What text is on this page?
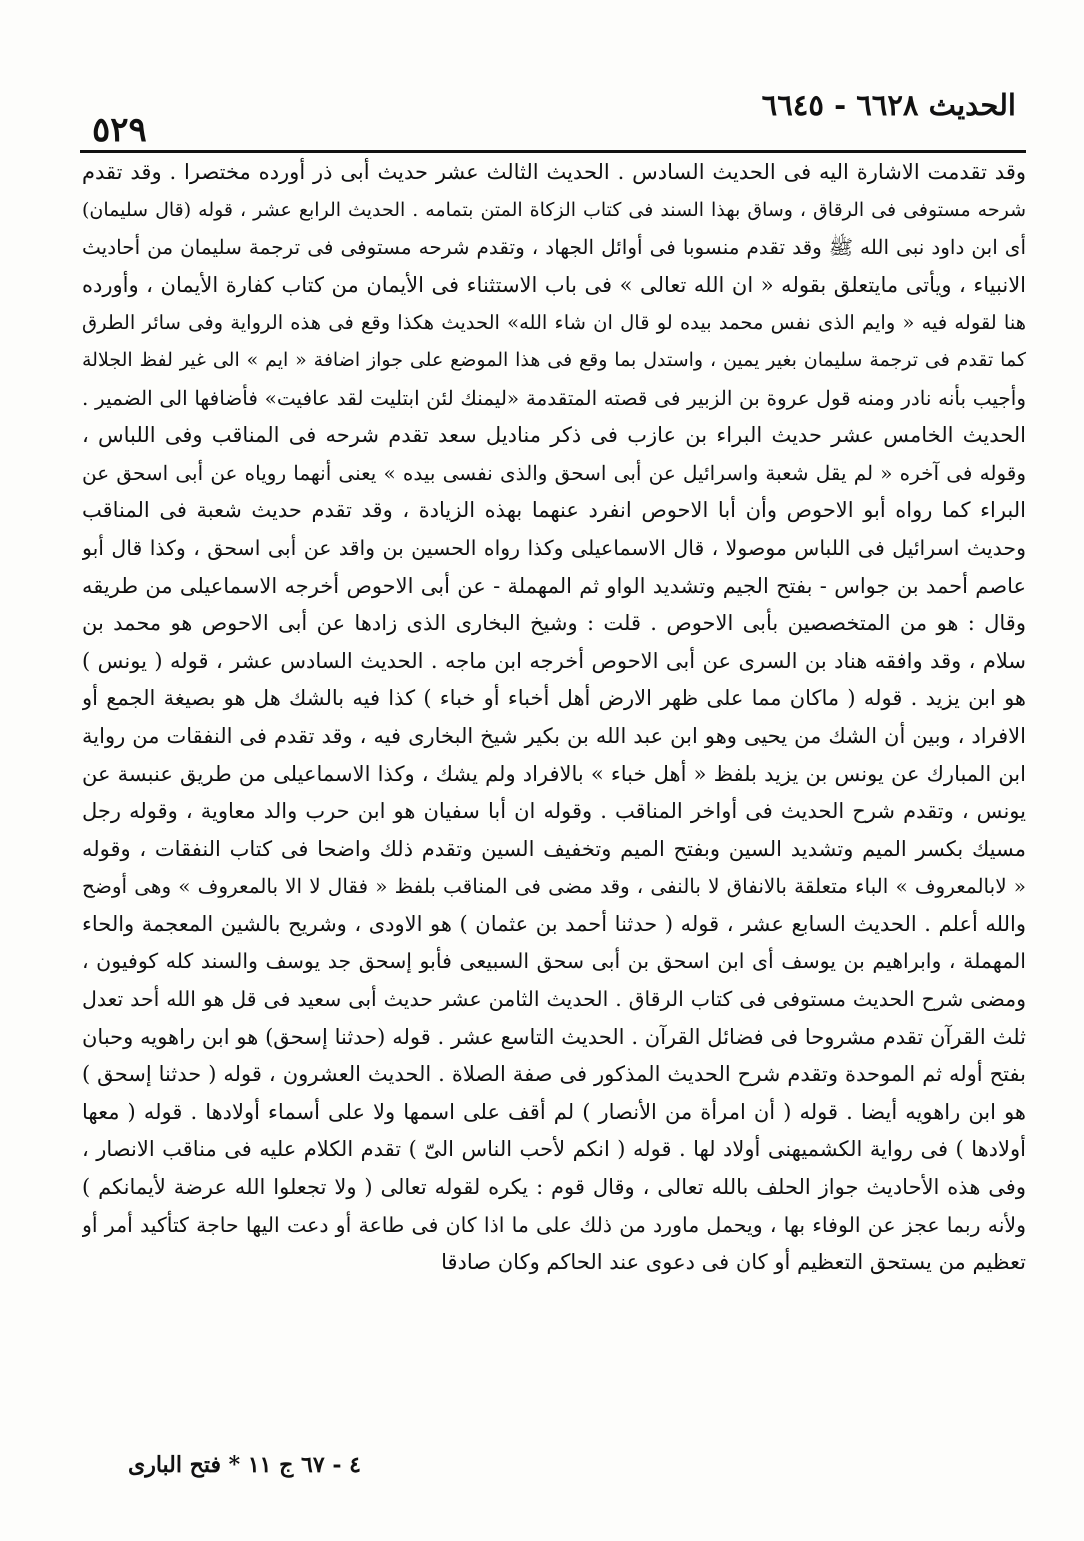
الحديث ٦٦٢٨ - ٦٦٤٥
٥٢٩
وقد تقدمت الاشارة اليه فى الحديث السادس . الحديث الثالث عشر حديث أبى ذر أورده مختصرا . وقد تقدم
شرحه مستوفى فى الرقاق ، وساق بهذا السند فى كتاب الزكاة المتن بتمامه . الحديث الرابع عشر ، قوله (قال سليمان)
أى ابن داود نبى الله ﷺ وقد تقدم منسوبا فى أوائل الجهاد ، وتقدم شرحه مستوفى فى ترجمة سليمان من أحاديث
الانبياء ، ويأتى مايتعلق بقوله « ان الله تعالى » فى باب الاستثناء فى الأيمان من كتاب كفارة الأيمان ، وأورده
هنا لقوله فيه « وايم الذى نفس محمد بيده لو قال ان شاء الله» الحديث هكذا وقع فى هذه الرواية وفى سائر الطرق
كما تقدم فى ترجمة سليمان بغير يمين ، واستدل بما وقع فى هذا الموضع على جواز اضافة « ايم » الى غير لفظ الجلالة
وأجيب بأنه نادر ومنه قول عروة بن الزبير فى قصته المتقدمة «ليمنك لئن ابتليت لقد عافيت» فأضافها الى الضمير .
الحديث الخامس عشر حديث البراء بن عازب فى ذكر مناديل سعد تقدم شرحه فى المناقب وفى اللباس ،
وقوله فى آخره « لم يقل شعبة واسرائيل عن أبى اسحق والذى نفسى بيده » يعنى أنهما روياه عن أبى اسحق عن
البراء كما رواه أبو الاحوص وأن أبا الاحوص انفرد عنهما بهذه الزيادة ، وقد تقدم حديث شعبة فى المناقب
وحديث اسرائيل فى اللباس موصولا ، قال الاسماعيلى وكذا رواه الحسين بن واقد عن أبى اسحق ، وكذا قال أبو
عاصم أحمد بن جواس - بفتح الجيم وتشديد الواو ثم المهملة - عن أبى الاحوص أخرجه الاسماعيلى من طريقه
وقال : هو من المتخصصين بأبى الاحوص . قلت : وشيخ البخارى الذى زادها عن أبى الاحوص هو محمد بن
سلام ، وقد وافقه هناد بن السرى عن أبى الاحوص أخرجه ابن ماجه . الحديث السادس عشر ، قوله ( يونس )
هو ابن يزيد . قوله ( ماكان مما على ظهر الارض أهل أخباء أو خباء ) كذا فيه بالشك هل هو بصيغة الجمع أو
الافراد ، وبين أن الشك من يحيى وهو ابن عبد الله بن بكير شيخ البخارى فيه ، وقد تقدم فى النفقات من رواية
ابن المبارك عن يونس بن يزيد بلفظ « أهل خباء » بالافراد ولم يشك ، وكذا الاسماعيلى من طريق عنبسة عن
يونس ، وتقدم شرح الحديث فى أواخر المناقب . وقوله ان أبا سفيان هو ابن حرب والد معاوية ، وقوله رجل
مسيك بكسر الميم وتشديد السين وبفتح الميم وتخفيف السين وتقدم ذلك واضحا فى كتاب النفقات ، وقوله
« لابالمعروف » الباء متعلقة بالانفاق لا بالنفى ، وقد مضى فى المناقب بلفظ « فقال لا الا بالمعروف » وهى أوضح
والله أعلم . الحديث السابع عشر ، قوله ( حدثنا أحمد بن عثمان ) هو الاودى ، وشريح بالشين المعجمة والحاء
المهملة ، وابراهيم بن يوسف أى ابن اسحق بن أبى سحق السبيعى فأبو إسحق جد يوسف والسند كله كوفيون ،
ومضى شرح الحديث مستوفى فى كتاب الرقاق . الحديث الثامن عشر حديث أبى سعيد فى قل هو الله أحد تعدل
ثلث القرآن تقدم مشروحا فى فضائل القرآن . الحديث التاسع عشر . قوله (حدثنا إسحق) هو ابن راهويه وحبان
بفتح أوله ثم الموحدة وتقدم شرح الحديث المذكور فى صفة الصلاة . الحديث العشرون ، قوله ( حدثنا إسحق )
هو ابن راهويه أيضا . قوله ( أن امرأة من الأنصار ) لم أقف على اسمها ولا على أسماء أولادها . قوله ( معها
أولادها ) فى رواية الكشميهنى أولاد لها . قوله ( انكم لأحب الناس الىّ ) تقدم الكلام عليه فى مناقب الانصار ،
وفى هذه الأحاديث جواز الحلف بالله تعالى ، وقال قوم : يكره لقوله تعالى ( ولا تجعلوا الله عرضة لأيمانكم )
ولأنه ربما عجز عن الوفاء بها ، ويحمل ماورد من ذلك على ما اذا كان فى طاعة أو دعت اليها حاجة كتأكيد أمر أو
تعظيم من يستحق التعظيم أو كان فى دعوى عند الحاكم وكان صادقا
٤ - ٦٧ ج ١١ * فتح البارى
